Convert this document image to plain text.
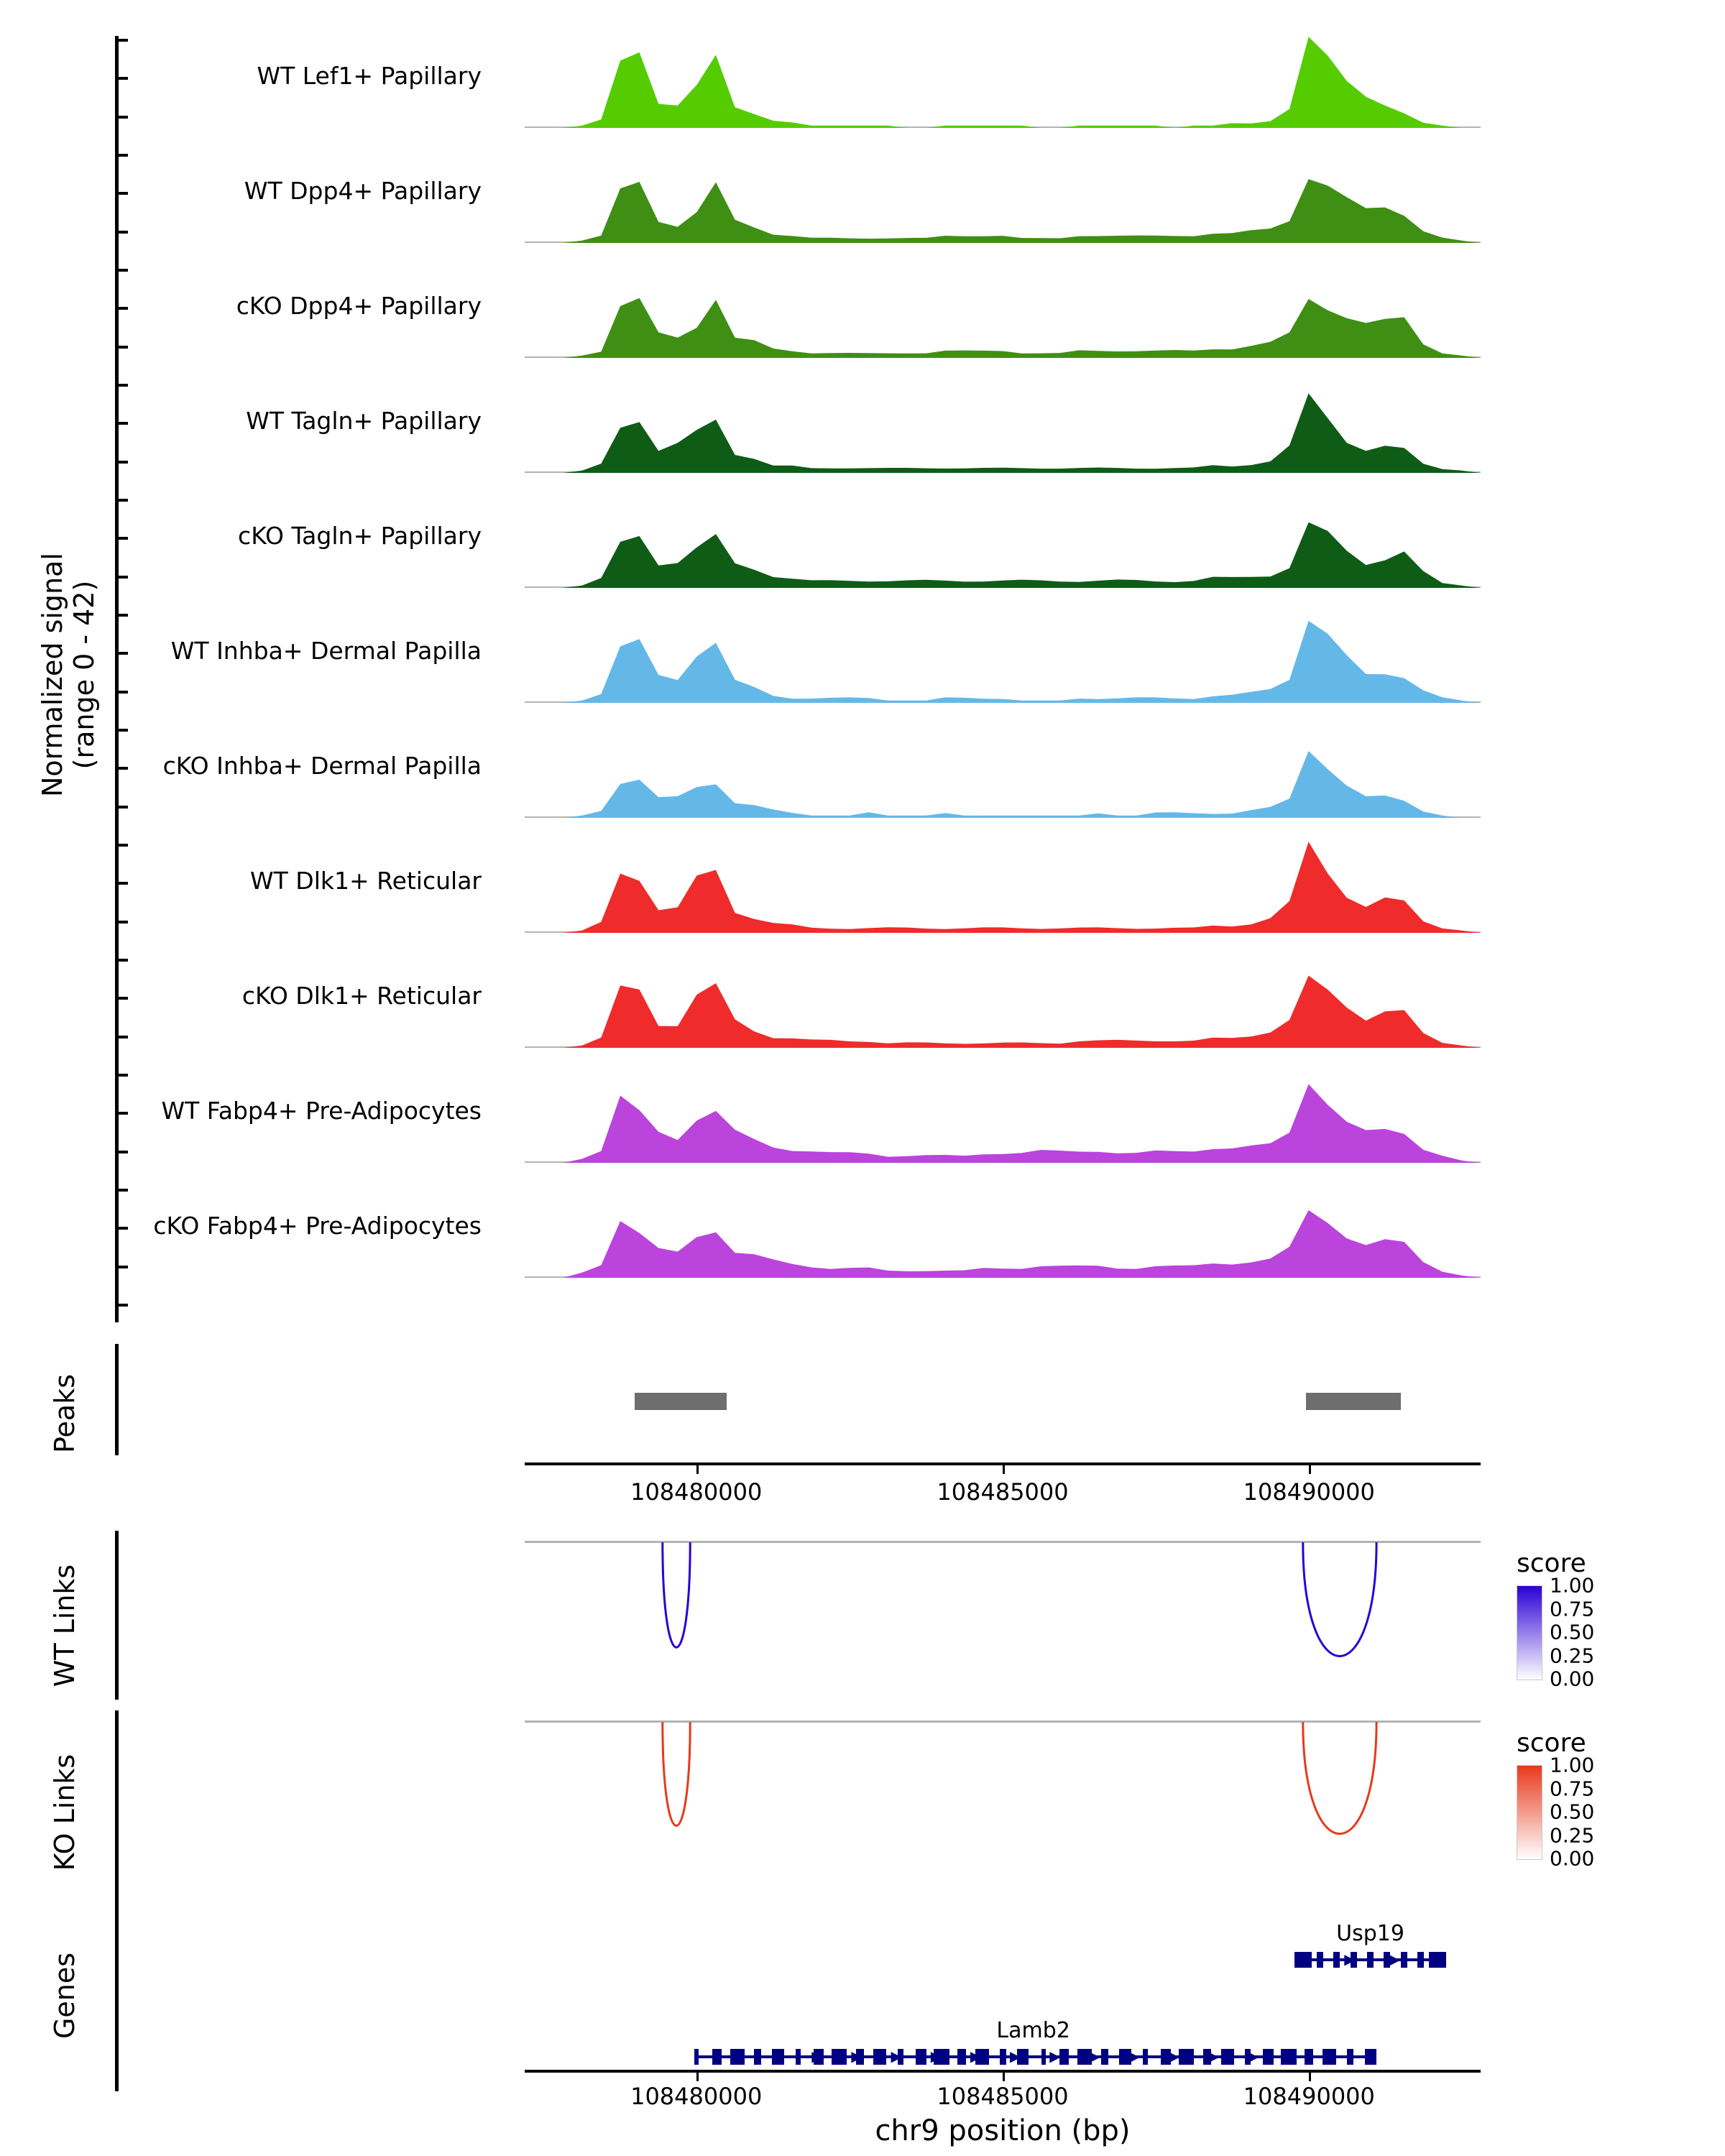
Normalized signal
(range 0 - 42)
Peaks
WT Links
KO Links
Genes
WT Lef1+ Papillary
WT Dpp4+ Papillary
cKO Dpp4+ Papillary
WT Tagln+ Papillary
cKO Tagln+ Papillary
WT Inhba+ Dermal Papilla
cKO Inhba+ Dermal Papilla
WT Dlk1+ Reticular
cKO Dlk1+ Reticular
WT Fabp4+ Pre-Adipocytes
cKO Fabp4+ Pre-Adipocytes
108480000	108485000	108490000
score
1.00
0.75
0.50
0.25
0.00
score
1.00
0.75
0.50
0.25
0.00
▶ ▶
Usp19
▶ ▶ ▶ ▶ ▶ ▶ ▶ ▶ ▶ ▶ ▶ ▶ ▶ ▶ ▶ ▶
Lamb2
108480000	108485000	108490000
chr9 position (bp)
